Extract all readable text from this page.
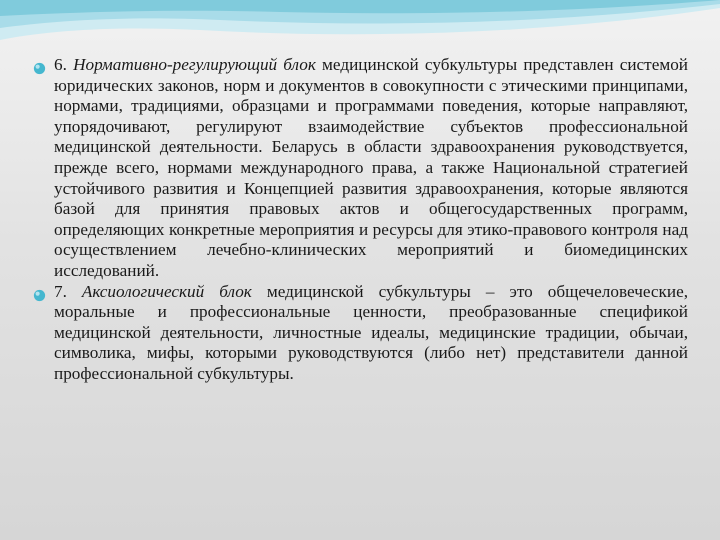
6. Нормативно-регулирующий блок медицинской субкультуры представлен системой юридических законов, норм и документов в совокупности с этическими принципами, нормами, традициями, образцами и программами поведения, которые направляют, упорядочивают, регулируют взаимодействие субъектов профессиональной медицинской деятельности. Беларусь в области здравоохранения руководствуется, прежде всего, нормами международного права, а также Национальной стратегией устойчивого развития и Концепцией развития здравоохранения, которые являются базой для принятия правовых актов и общегосударственных программ, определяющих конкретные мероприятия и ресурсы для этико-правового контроля над осуществлением лечебно-клинических мероприятий и биомедицинских исследований.
7. Аксиологический блок медицинской субкультуры – это общечеловеческие, моральные и профессиональные ценности, преобразованные спецификой медицинской деятельности, личностные идеалы, медицинские традиции, обычаи, символика, мифы, которыми руководствуются (либо нет) представители данной профессиональной субкультуры.
